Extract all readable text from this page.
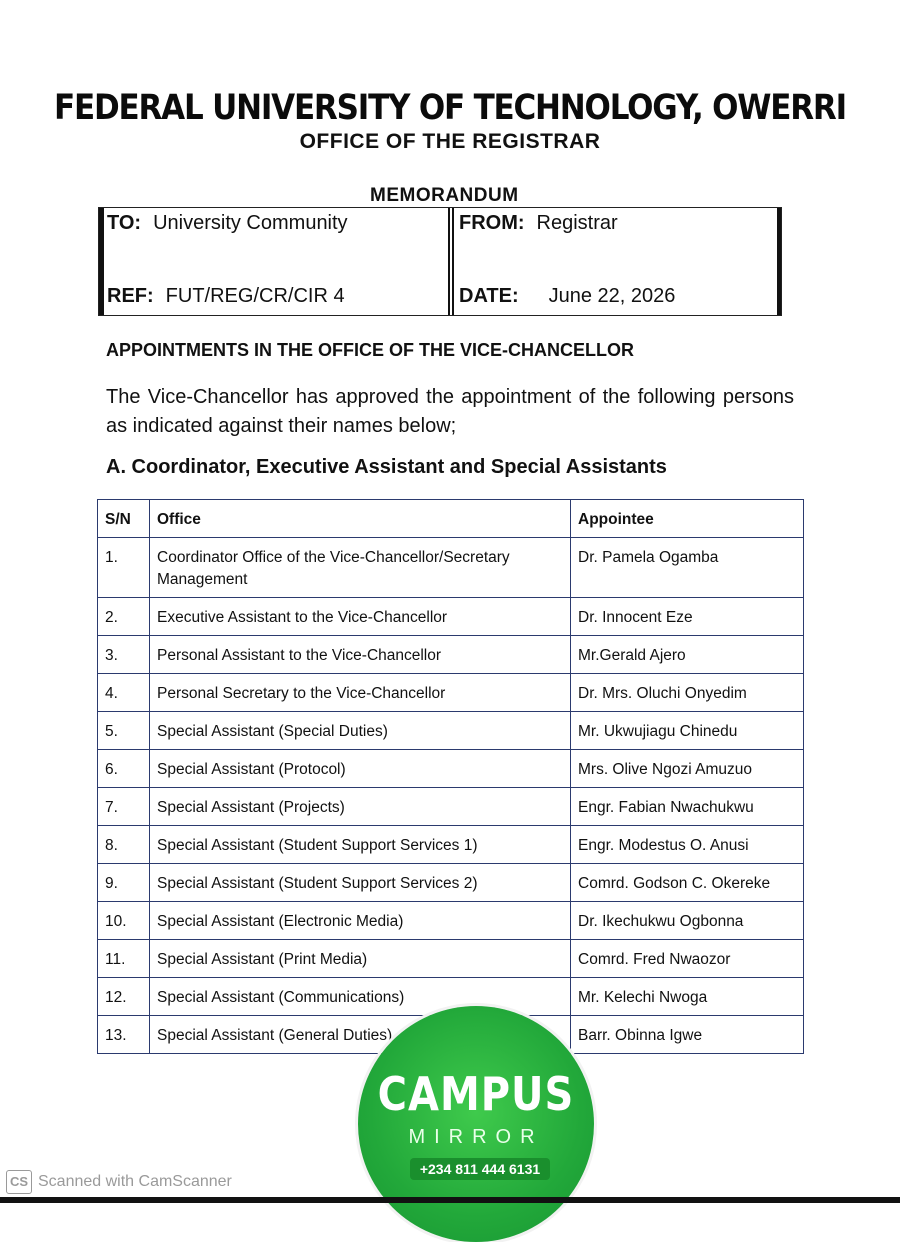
FEDERAL UNIVERSITY OF TECHNOLOGY, OWERRI
OFFICE OF THE REGISTRAR
MEMORANDUM
TO: University Community	FROM: Registrar
REF: FUT/REG/CR/CIR 4	DATE: June 22, 2026
APPOINTMENTS IN THE OFFICE OF THE VICE-CHANCELLOR
The Vice-Chancellor has approved the appointment of the following persons as indicated against their names below;
A. Coordinator, Executive Assistant and Special Assistants
S/N	Office	Appointee
1.	Coordinator Office of the Vice-Chancellor/Secretary Management	Dr. Pamela Ogamba
2.	Executive Assistant to the Vice-Chancellor	Dr. Innocent Eze
3.	Personal Assistant to the Vice-Chancellor	Mr.Gerald Ajero
4.	Personal Secretary to the Vice-Chancellor	Dr. Mrs. Oluchi Onyedim
5.	Special Assistant (Special Duties)	Mr. Ukwujiagu Chinedu
6.	Special Assistant (Protocol)	Mrs. Olive Ngozi Amuzuo
7.	Special Assistant (Projects)	Engr. Fabian Nwachukwu
8.	Special Assistant (Student Support Services 1)	Engr. Modestus O. Anusi
9.	Special Assistant (Student Support Services 2)	Comrd. Godson C. Okereke
10.	Special Assistant (Electronic Media)	Dr. Ikechukwu Ogbonna
11.	Special Assistant (Print Media)	Comrd. Fred Nwaozor
12.	Special Assistant (Communications)	Mr. Kelechi Nwoga
13.	Special Assistant (General Duties)	Barr. Obinna Igwe
CAMPUS
MIRROR
+234 811 444 6131
CS Scanned with CamScanner
